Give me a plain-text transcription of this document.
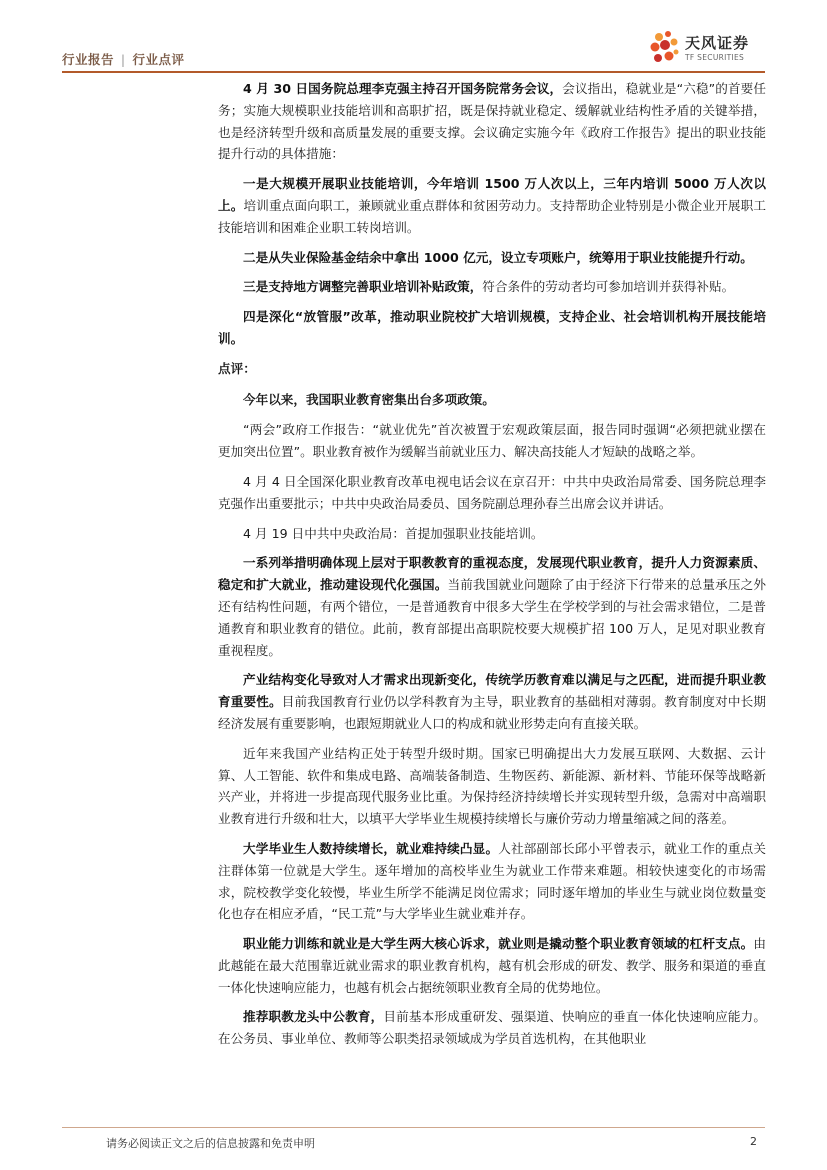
行业报告 | 行业点评
天风证券
TF SECURITIES

4 月 30 日国务院总理李克强主持召开国务院常务会议，会议指出，稳就业是“六稳”的首要任务；实施大规模职业技能培训和高职扩招，既是保持就业稳定、缓解就业结构性矛盾的关键举措，也是经济转型升级和高质量发展的重要支撑。会议确定实施今年《政府工作报告》提出的职业技能提升行动的具体措施：

一是大规模开展职业技能培训，今年培训 1500 万人次以上，三年内培训 5000 万人次以上。培训重点面向职工，兼顾就业重点群体和贫困劳动力。支持帮助企业特别是小微企业开展职工技能培训和困难企业职工转岗培训。

二是从失业保险基金结余中拿出 1000 亿元，设立专项账户，统筹用于职业技能提升行动。

三是支持地方调整完善职业培训补贴政策，符合条件的劳动者均可参加培训并获得补贴。

四是深化“放管服”改革，推动职业院校扩大培训规模，支持企业、社会培训机构开展技能培训。

点评：

今年以来，我国职业教育密集出台多项政策。

“两会”政府工作报告：“就业优先”首次被置于宏观政策层面，报告同时强调“必须把就业摆在更加突出位置”。职业教育被作为缓解当前就业压力、解决高技能人才短缺的战略之举。

4 月 4 日全国深化职业教育改革电视电话会议在京召开：中共中央政治局常委、国务院总理李克强作出重要批示；中共中央政治局委员、国务院副总理孙春兰出席会议并讲话。

4 月 19 日中共中央政治局：首提加强职业技能培训。

一系列举措明确体现上层对于职教教育的重视态度，发展现代职业教育，提升人力资源素质、稳定和扩大就业，推动建设现代化强国。当前我国就业问题除了由于经济下行带来的总量承压之外还有结构性问题，有两个错位，一是普通教育中很多大学生在学校学到的与社会需求错位，二是普通教育和职业教育的错位。此前，教育部提出高职院校要大规模扩招 100 万人，足见对职业教育重视程度。

产业结构变化导致对人才需求出现新变化，传统学历教育难以满足与之匹配，进而提升职业教育重要性。目前我国教育行业仍以学科教育为主导，职业教育的基础相对薄弱。教育制度对中长期经济发展有重要影响，也跟短期就业人口的构成和就业形势走向有直接关联。

近年来我国产业结构正处于转型升级时期。国家已明确提出大力发展互联网、大数据、云计算、人工智能、软件和集成电路、高端装备制造、生物医药、新能源、新材料、节能环保等战略新兴产业，并将进一步提高现代服务业比重。为保持经济持续增长并实现转型升级，急需对中高端职业教育进行升级和壮大，以填平大学毕业生规模持续增长与廉价劳动力增量缩减之间的落差。

大学毕业生人数持续增长，就业难持续凸显。人社部副部长邱小平曾表示，就业工作的重点关注群体第一位就是大学生。逐年增加的高校毕业生为就业工作带来难题。相较快速变化的市场需求，院校教学变化较慢，毕业生所学不能满足岗位需求；同时逐年增加的毕业生与就业岗位数量变化也存在相应矛盾，“民工荒”与大学毕业生就业难并存。

职业能力训练和就业是大学生两大核心诉求，就业则是撬动整个职业教育领域的杠杆支点。由此越能在最大范围靠近就业需求的职业教育机构，越有机会形成的研发、教学、服务和渠道的垂直一体化快速响应能力，也越有机会占据统领职业教育全局的优势地位。

推荐职教龙头中公教育，目前基本形成重研发、强渠道、快响应的垂直一体化快速响应能力。在公务员、事业单位、教师等公职类招录领域成为学员首选机构，在其他职业

请务必阅读正文之后的信息披露和免责申明	2
